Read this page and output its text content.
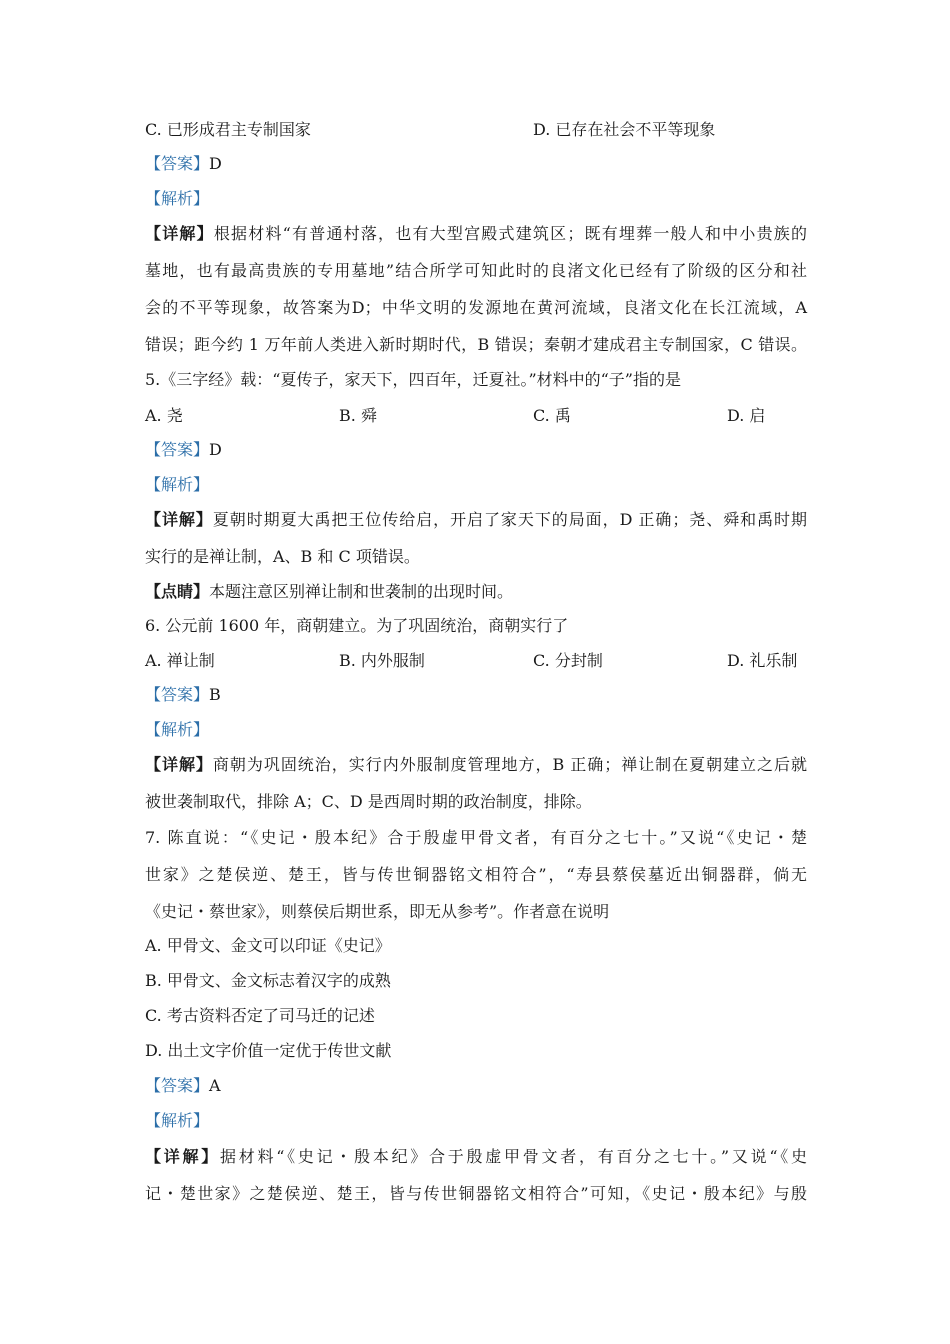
C. 已形成君主专制国家	D. 已存在社会不平等现象
【答案】D
【解析】
【详解】根据材料“有普通村落，也有大型宫殿式建筑区；既有埋葬一般人和中小贵族的
墓地，也有最高贵族的专用墓地”结合所学可知此时的良渚文化已经有了阶级的区分和社
会的不平等现象，故答案为D；中华文明的发源地在黄河流域，良渚文化在长江流域，A
错误；距今约 1 万年前人类进入新时期时代，B 错误；秦朝才建成君主专制国家，C 错误。
5.《三字经》载：“夏传子，家天下，四百年，迁夏社。”材料中的“子”指的是
A. 尧	B. 舜	C. 禹	D. 启
【答案】D
【解析】
【详解】夏朝时期夏大禹把王位传给启，开启了家天下的局面，D 正确；尧、舜和禹时期
实行的是禅让制，A、B 和 C 项错误。
【点睛】本题注意区别禅让制和世袭制的出现时间。
6. 公元前 1600 年，商朝建立。为了巩固统治，商朝实行了
A. 禅让制	B. 内外服制	C. 分封制	D. 礼乐制
【答案】B
【解析】
【详解】商朝为巩固统治，实行内外服制度管理地方，B 正确；禅让制在夏朝建立之后就
被世袭制取代，排除 A；C、D 是西周时期的政治制度，排除。
7. 陈直说：“《史记・殷本纪》合于殷虚甲骨文者，有百分之七十。”又说“《史记・楚
世家》之楚侯逆、楚王，皆与传世铜器铭文相符合”，“寿县蔡侯墓近出铜器群，倘无
《史记・蔡世家》，则蔡侯后期世系，即无从参考”。作者意在说明
A. 甲骨文、金文可以印证《史记》
B. 甲骨文、金文标志着汉字的成熟
C. 考古资料否定了司马迁的记述
D. 出土文字价值一定优于传世文献
【答案】A
【解析】
【详解】据材料“《史记・殷本纪》合于殷虚甲骨文者，有百分之七十。”又说“《史
记・楚世家》之楚侯逆、楚王，皆与传世铜器铭文相符合”可知，《史记・殷本纪》与殷
